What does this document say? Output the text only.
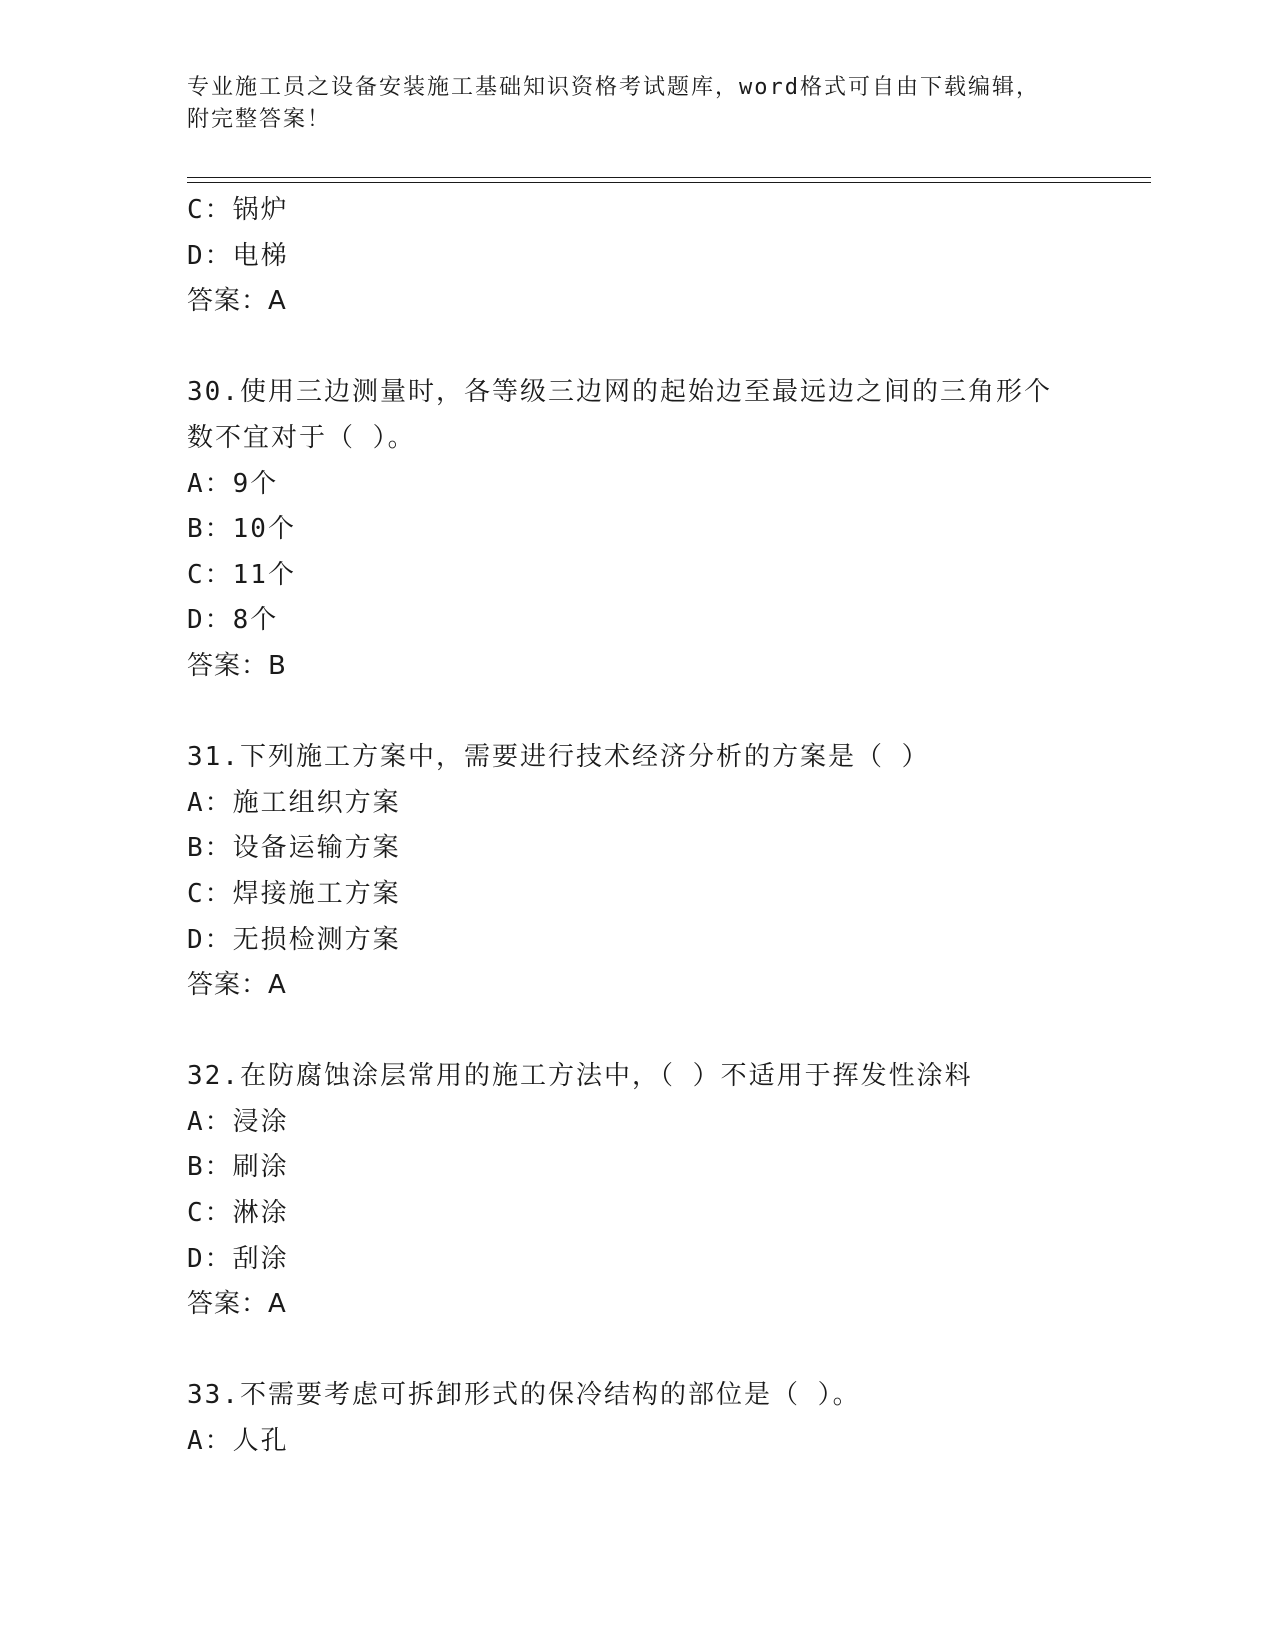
专业施工员之设备安装施工基础知识资格考试题库，word格式可自由下载编辑，
附完整答案！
C：锅炉
D：电梯
答案：A
30.使用三边测量时，各等级三边网的起始边至最远边之间的三角形个
数不宜对于（ ）。
A：9个
B：10个
C：11个
D：8个
答案：B
31.下列施工方案中，需要进行技术经济分析的方案是（ ）
A：施工组织方案
B：设备运输方案
C：焊接施工方案
D：无损检测方案
答案：A
32.在防腐蚀涂层常用的施工方法中，（ ）不适用于挥发性涂料
A：浸涂
B：刷涂
C：淋涂
D：刮涂
答案：A
33.不需要考虑可拆卸形式的保冷结构的部位是（ ）。
A：人孔
